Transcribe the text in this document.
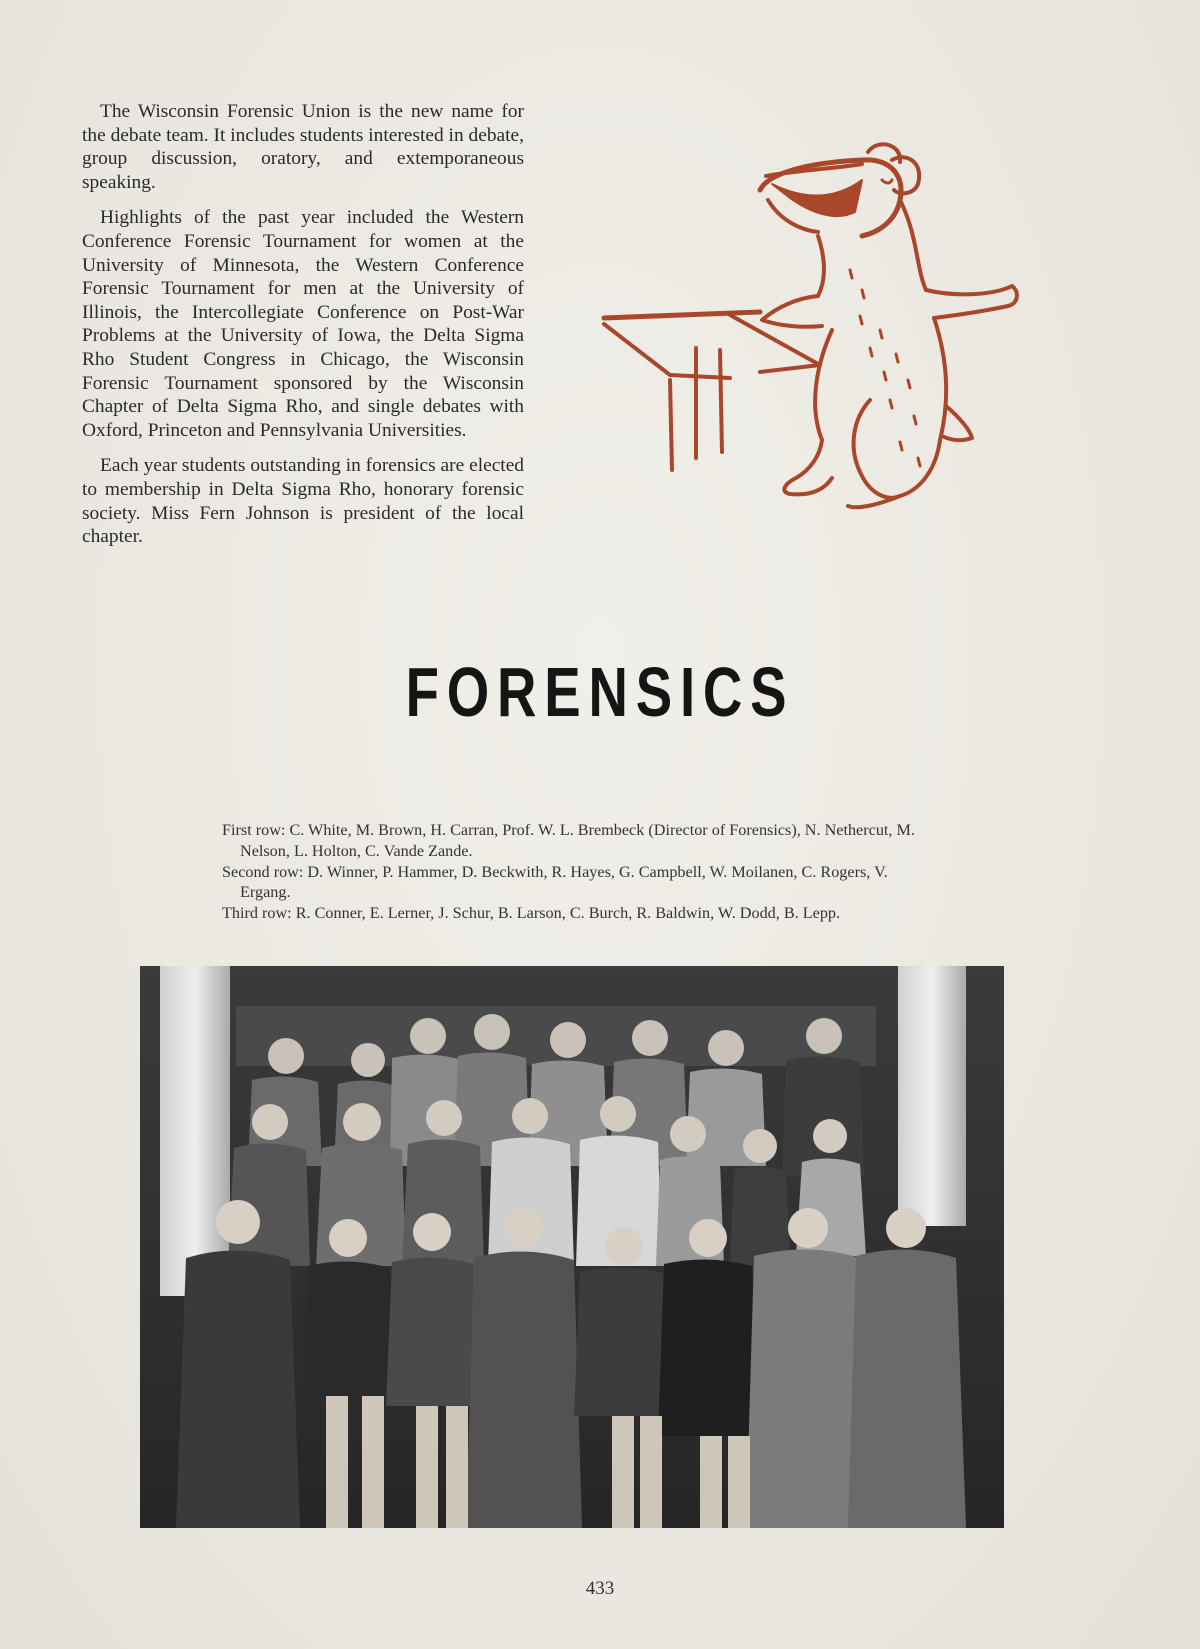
The Wisconsin Forensic Union is the new name for the debate team. It includes students interested in debate, group discussion, oratory, and extemporaneous speaking.

Highlights of the past year included the Western Conference Forensic Tournament for women at the University of Minnesota, the Western Conference Forensic Tournament for men at the University of Illinois, the Intercollegiate Conference on Post-War Problems at the University of Iowa, the Delta Sigma Rho Student Congress in Chicago, the Wisconsin Forensic Tournament sponsored by the Wisconsin Chapter of Delta Sigma Rho, and single debates with Oxford, Princeton and Pennsylvania Universities.

Each year students outstanding in forensics are elected to membership in Delta Sigma Rho, honorary forensic society. Miss Fern Johnson is president of the local chapter.

FORENSICS

First row: C. White, M. Brown, H. Carran, Prof. W. L. Brembeck (Director of Forensics), N. Nethercut, M. Nelson, L. Holton, C. Vande Zande.

Second row: D. Winner, P. Hammer, D. Beckwith, R. Hayes, G. Campbell, W. Moilanen, C. Rogers, V. Ergang.

Third row: R. Conner, E. Lerner, J. Schur, B. Larson, C. Burch, R. Baldwin, W. Dodd, B. Lepp.

433
